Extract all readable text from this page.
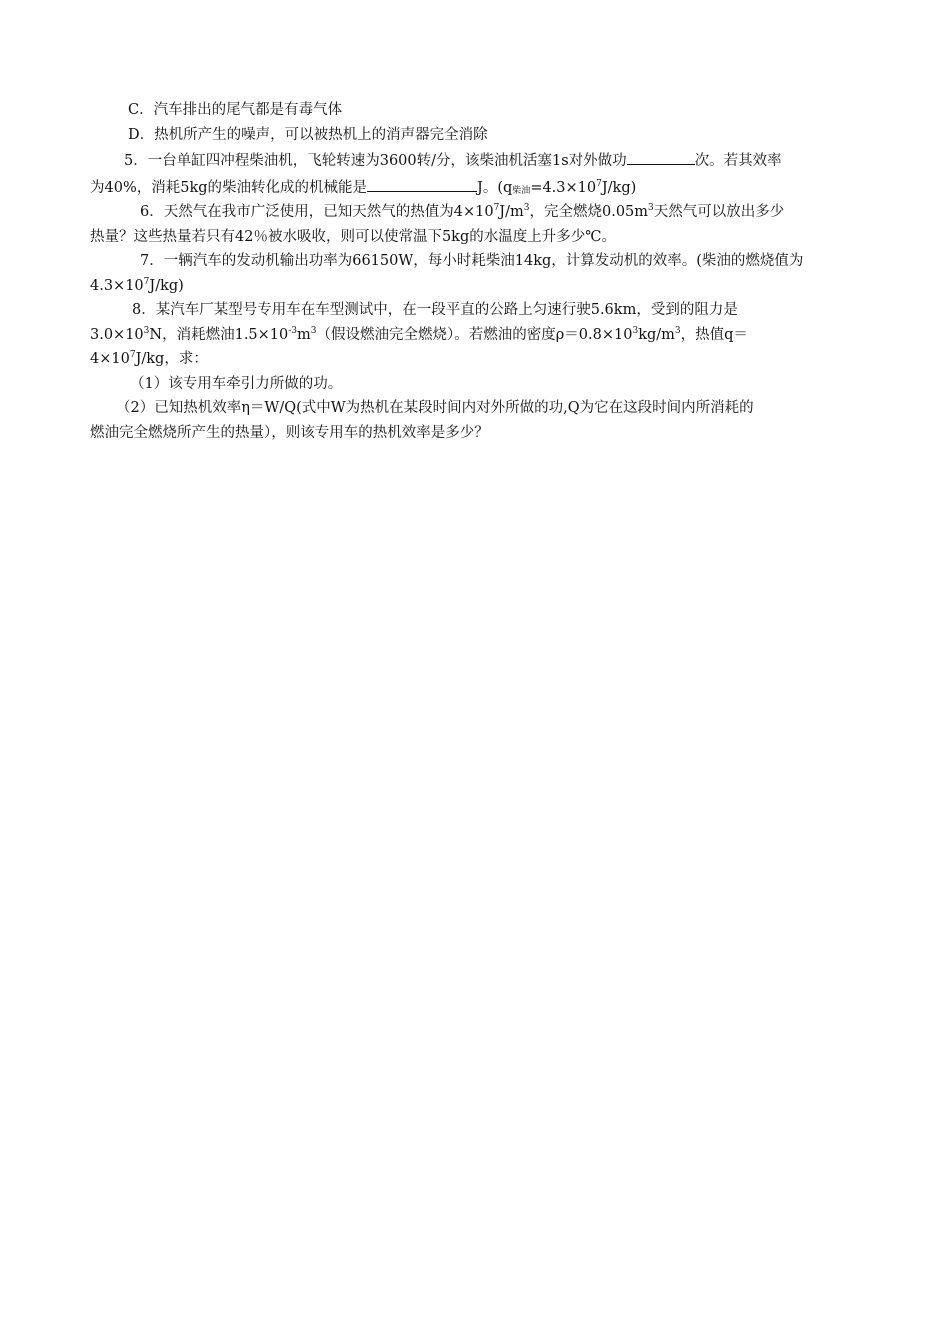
C．汽车排出的尾气都是有毒气体

D．热机所产生的噪声，可以被热机上的消声器完全消除

5．一台单缸四冲程柴油机，飞轮转速为3600转/分，该柴油机活塞1s对外做功	次。若其效率

为40%，消耗5kg的柴油转化成的机械能是	J。$(q_{柴油}=4.3\times 10^7J/kg)$

6．天然气在我市广泛使用，已知天然气的热值为$4\times 10^7J/m^3$，完全燃烧$0.05m^3$天然气可以放出多少

热量？这些热量若只有42％被水吸收，则可以使常温下5kg的水温度上升多少℃。

7．一辆汽车的发动机输出功率为66150W，每小时耗柴油14kg，计算发动机的效率。(柴油的燃烧值为

$4.3\times 10^7J/kg$)

8．某汽车厂某型号专用车在车型测试中，在一段平直的公路上匀速行驶5.6km，受到的阻力是

$3.0\times 10^3N$，消耗燃油$1.5\times 10^{-3}m^3$（假设燃油完全燃烧）。若燃油的密度$\rho=0.8\times 10^3kg/m^3$，热值q＝

$4\times 10^7J/kg$，求：

（1）该专用车牵引力所做的功。

（2）已知热机效率η＝W/Q(式中W为热机在某段时间内对外所做的功,Q为它在这段时间内所消耗的

燃油完全燃烧所产生的热量），则该专用车的热机效率是多少？
